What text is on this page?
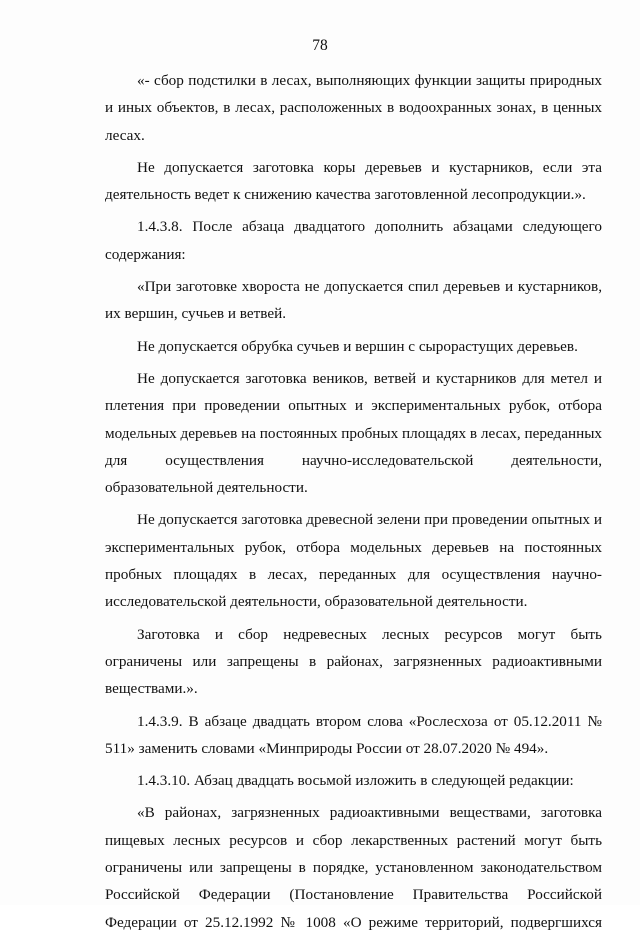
78

«- сбор подстилки в лесах, выполняющих функции защиты природных и иных объектов, в лесах, расположенных в водоохранных зонах, в ценных лесах.

Не допускается заготовка коры деревьев и кустарников, если эта деятельность ведет к снижению качества заготовленной лесопродукции.».

1.4.3.8. После абзаца двадцатого дополнить абзацами следующего содержания:

«При заготовке хвороста не допускается спил деревьев и кустарников, их вершин, сучьев и ветвей.

Не допускается обрубка сучьев и вершин с сырорастущих деревьев.

Не допускается заготовка веников, ветвей и кустарников для метел и плетения при проведении опытных и экспериментальных рубок, отбора модельных деревьев на постоянных пробных площадях в лесах, переданных для осуществления научно-исследовательской деятельности, образовательной деятельности.

Не допускается заготовка древесной зелени при проведении опытных и экспериментальных рубок, отбора модельных деревьев на постоянных пробных площадях в лесах, переданных для осуществления научно-исследовательской деятельности, образовательной деятельности.

Заготовка и сбор недревесных лесных ресурсов могут быть ограничены или запрещены в районах, загрязненных радиоактивными веществами.».

1.4.3.9. В абзаце двадцать втором слова «Рослесхоза от 05.12.2011 № 511» заменить словами «Минприроды России от 28.07.2020 № 494».

1.4.3.10. Абзац двадцать восьмой изложить в следующей редакции:

«В районах, загрязненных радиоактивными веществами, заготовка пищевых лесных ресурсов и сбор лекарственных растений могут быть ограничены или запрещены в порядке, установленном законодательством Российской Федерации (Постановление Правительства Российской Федерации от 25.12.1992 № 1008 «О режиме территорий, подвергшихся
